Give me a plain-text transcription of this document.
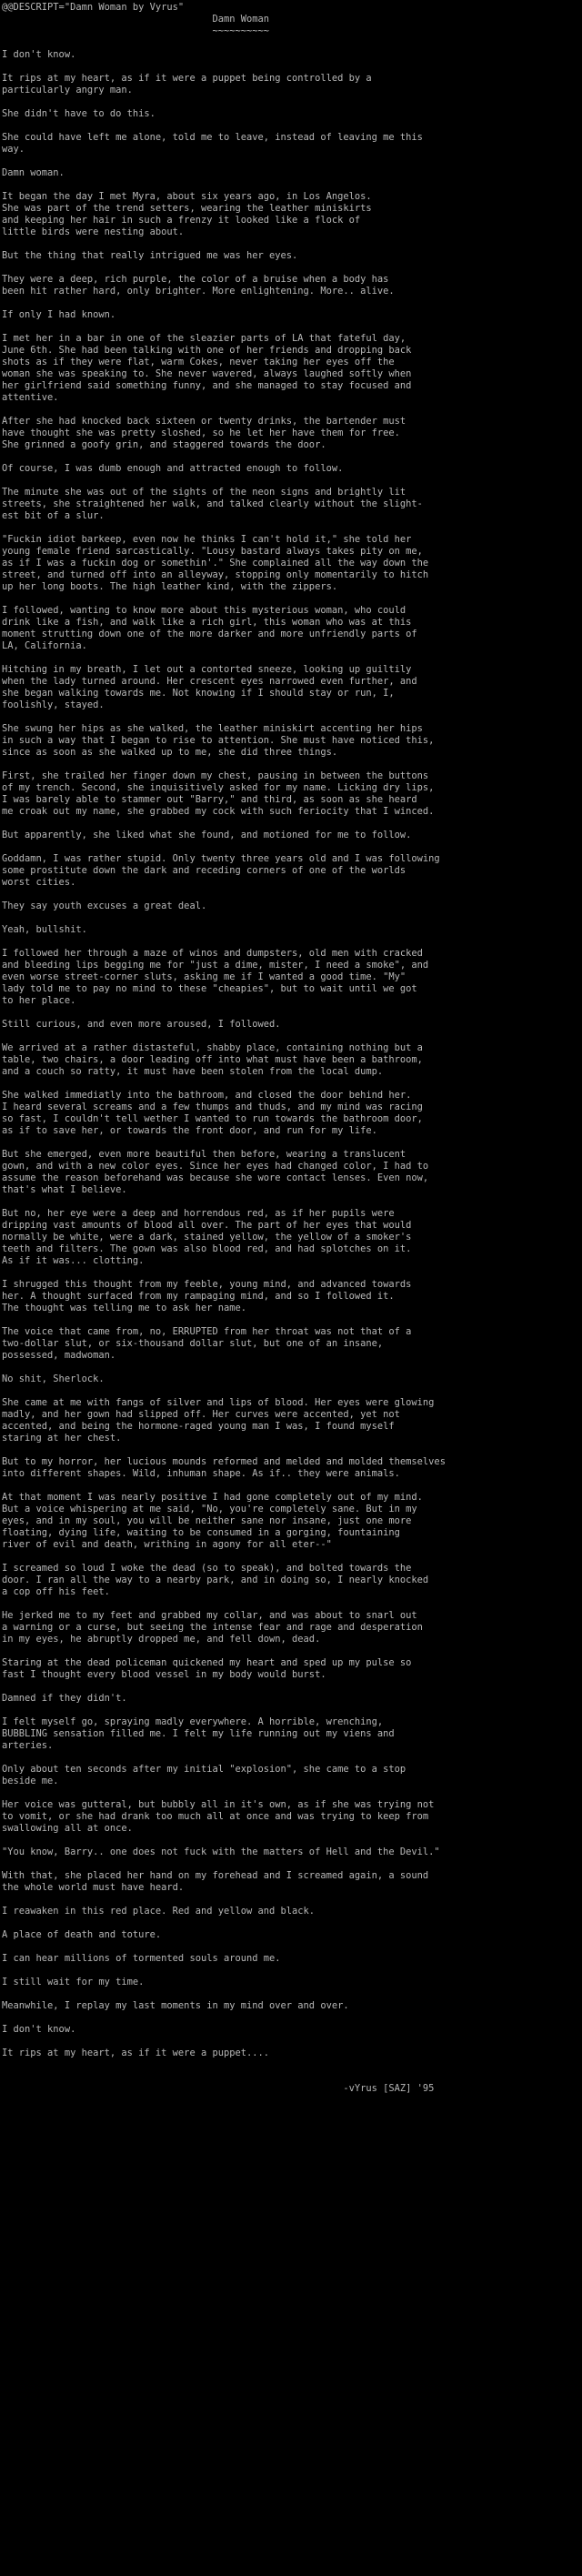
@@DESCRIPT="Damn Woman by Vyrus"
Damn Woman
~~~~~~~~~~
I don't know.
It rips at my heart, as if it were a puppet being controlled by a
particularly angry man.
She didn't have to do this.
She could have left me alone, told me to leave, instead of leaving me this
way.
Damn woman.
It began the day I met Myra, about six years ago, in Los Angelos.
She was part of the trend setters, wearing the leather miniskirts
and keeping her hair in such a frenzy it looked like a flock of
little birds were nesting about.
But the thing that really intrigued me was her eyes.
They were a deep, rich purple, the color of a bruise when a body has
been hit rather hard, only brighter. More enlightening. More.. alive.
If only I had known.
I met her in a bar in one of the sleazier parts of LA that fateful day,
June 6th. She had been talking with one of her friends and dropping back
shots as if they were flat, warm Cokes, never taking her eyes off the
woman she was speaking to. She never wavered, always laughed softly when
her girlfriend said something funny, and she managed to stay focused and
attentive.
After she had knocked back sixteen or twenty drinks, the bartender must
have thought she was pretty sloshed, so he let her have them for free.
She grinned a goofy grin, and staggered towards the door.
Of course, I was dumb enough and attracted enough to follow.
The minute she was out of the sights of the neon signs and brightly lit
streets, she straightened her walk, and talked clearly without the slight-
est bit of a slur.
"Fuckin idiot barkeep, even now he thinks I can't hold it," she told her
young female friend sarcastically. "Lousy bastard always takes pity on me,
as if I was a fuckin dog or somethin'." She complained all the way down the
street, and turned off into an alleyway, stopping only momentarily to hitch
up her long boots. The high leather kind, with the zippers.
I followed, wanting to know more about this mysterious woman, who could
drink like a fish, and walk like a rich girl, this woman who was at this
moment strutting down one of the more darker and more unfriendly parts of
LA, California.
Hitching in my breath, I let out a contorted sneeze, looking up guiltily
when the lady turned around. Her crescent eyes narrowed even further, and
she began walking towards me. Not knowing if I should stay or run, I,
foolishly, stayed.
She swung her hips as she walked, the leather miniskirt accenting her hips
in such a way that I began to rise to attention. She must have noticed this,
since as soon as she walked up to me, she did three things.
First, she trailed her finger down my chest, pausing in between the buttons
of my trench. Second, she inquisitively asked for my name. Licking dry lips,
I was barely able to stammer out "Barry," and third, as soon as she heard
me croak out my name, she grabbed my cock with such feriocity that I winced.
But apparently, she liked what she found, and motioned for me to follow.
Goddamn, I was rather stupid. Only twenty three years old and I was following
some prostitute down the dark and receding corners of one of the worlds
worst cities.
They say youth excuses a great deal.
Yeah, bullshit.
I followed her through a maze of winos and dumpsters, old men with cracked
and bleeding lips begging me for "just a dime, mister, I need a smoke", and
even worse street-corner sluts, asking me if I wanted a good time. "My"
lady told me to pay no mind to these "cheapies", but to wait until we got
to her place.
Still curious, and even more aroused, I followed.
We arrived at a rather distasteful, shabby place, containing nothing but a
table, two chairs, a door leading off into what must have been a bathroom,
and a couch so ratty, it must have been stolen from the local dump.
She walked immediatly into the bathroom, and closed the door behind her.
I heard several screams and a few thumps and thuds, and my mind was racing
so fast, I couldn't tell wether I wanted to run towards the bathroom door,
as if to save her, or towards the front door, and run for my life.
But she emerged, even more beautiful then before, wearing a translucent
gown, and with a new color eyes. Since her eyes had changed color, I had to
assume the reason beforehand was because she wore contact lenses. Even now,
that's what I believe.
But no, her eye were a deep and horrendous red, as if her pupils were
dripping vast amounts of blood all over. The part of her eyes that would
normally be white, were a dark, stained yellow, the yellow of a smoker's
teeth and filters. The gown was also blood red, and had splotches on it.
As if it was... clotting.
I shrugged this thought from my feeble, young mind, and advanced towards
her. A thought surfaced from my rampaging mind, and so I followed it.
The thought was telling me to ask her name.
The voice that came from, no, ERRUPTED from her throat was not that of a
two-dollar slut, or six-thousand dollar slut, but one of an insane,
possessed, madwoman.
No shit, Sherlock.
She came at me with fangs of silver and lips of blood. Her eyes were glowing
madly, and her gown had slipped off. Her curves were accented, yet not
accented, and being the hormone-raged young man I was, I found myself
staring at her chest.
But to my horror, her lucious mounds reformed and melded and molded themselves
into different shapes. Wild, inhuman shape. As if.. they were animals.
At that moment I was nearly positive I had gone completely out of my mind.
But a voice whispering at me said, "No, you're completely sane. But in my
eyes, and in my soul, you will be neither sane nor insane, just one more
floating, dying life, waiting to be consumed in a gorging, fountaining
river of evil and death, writhing in agony for all eter--"
I screamed so loud I woke the dead (so to speak), and bolted towards the
door. I ran all the way to a nearby park, and in doing so, I nearly knocked
a cop off his feet.
He jerked me to my feet and grabbed my collar, and was about to snarl out
a warning or a curse, but seeing the intense fear and rage and desperation
in my eyes, he abruptly dropped me, and fell down, dead.
Staring at the dead policeman quickened my heart and sped up my pulse so
fast I thought every blood vessel in my body would burst.
Damned if they didn't.
I felt myself go, spraying madly everywhere. A horrible, wrenching,
BUBBLING sensation filled me. I felt my life running out my viens and
arteries.
Only about ten seconds after my initial "explosion", she came to a stop
beside me.
Her voice was gutteral, but bubbly all in it's own, as if she was trying not
to vomit, or she had drank too much all at once and was trying to keep from
swallowing all at once.
"You know, Barry.. one does not fuck with the matters of Hell and the Devil."
With that, she placed her hand on my forehead and I screamed again, a sound
the whole world must have heard.
I reawaken in this red place. Red and yellow and black.
A place of death and toture.
I can hear millions of tormented souls around me.
I still wait for my time.
Meanwhile, I replay my last moments in my mind over and over.
I don't know.
It rips at my heart, as if it were a puppet....
-vYrus [SAZ] '95
